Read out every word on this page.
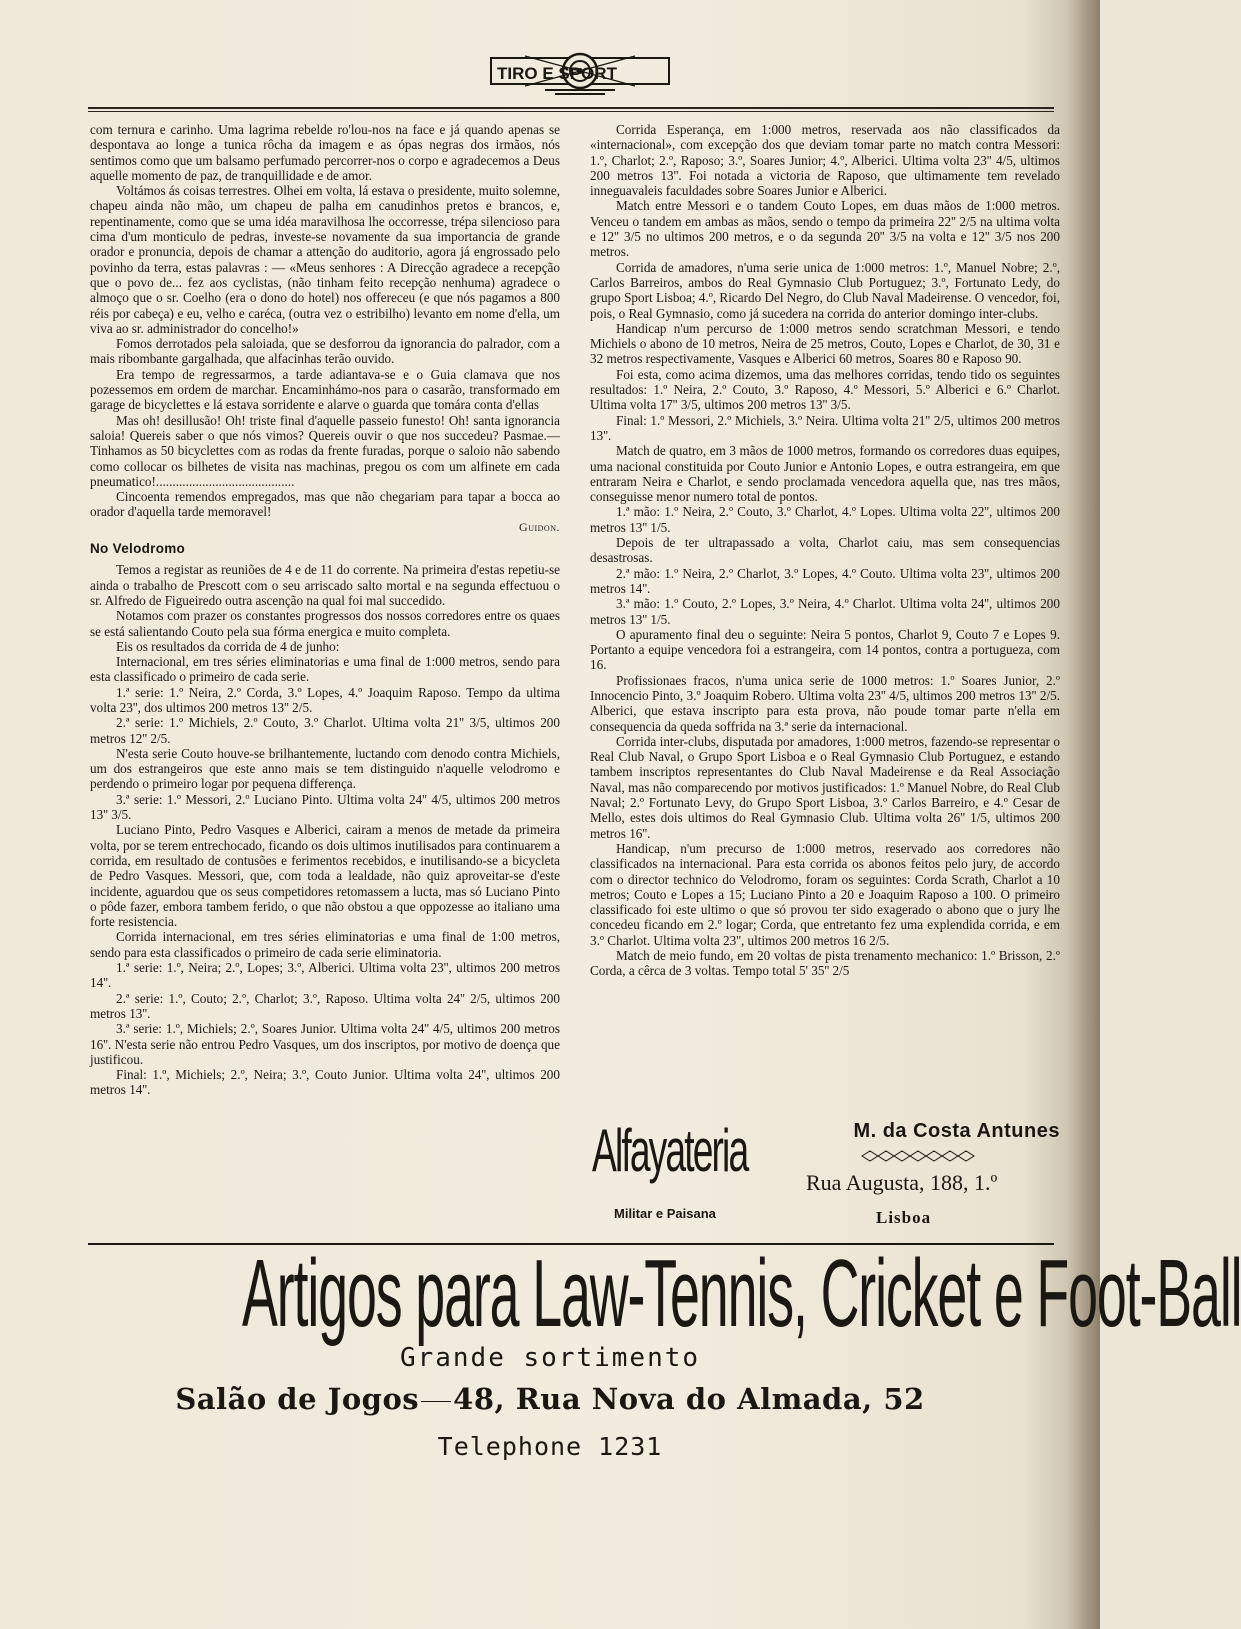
TIRO E SPORT

com ternura e carinho. Uma lagrima rebelde ro'lou-nos na face e já quando apenas se despontava ao longe a tunica rôcha da imagem e as ópas negras dos irmãos, nós sentimos como que um balsamo perfumado percorrer-nos o corpo e agradecemos a Deus aquelle momento de paz, de tranquillidade e de amor.

Voltámos ás coisas terrestres. Olhei em volta, lá estava o presidente, muito solemne, chapeu ainda não mão, um chapeu de palha em canudinhos pretos e brancos, e, repentinamente, como que se uma idéa maravilhosa lhe occorresse, trépa silencioso para cima d'um monticulo de pedras, investe-se novamente da sua importancia de grande orador e pronuncia, depois de chamar a attenção do auditorio, agora já engrossado pelo povinho da terra, estas palavras : — «Meus senhores : A Direcção agradece a recepção que o povo de... fez aos cyclistas, (não tinham feito recepção nenhuma) agradece o almoço que o sr. Coelho (era o dono do hotel) nos offereceu (e que nós pagamos a 800 réis por cabeça) e eu, velho e caréca, (outra vez o estribilho) levanto em nome d'ella, um viva ao sr. administrador do concelho!»

Fomos derrotados pela saloiada, que se desforrou da ignorancia do palrador, com a mais ribombante gargalhada, que alfacinhas terão ouvido.

Era tempo de regressarmos, a tarde adiantava-se e o Guia clamava que nos pozessemos em ordem de marchar. Encaminhámo-nos para o casarão, transformado em garage de bicyclettes e lá estava sorridente e alarve o guarda que tomára conta d'ellas

Mas oh! desillusão! Oh! triste final d'aquelle passeio funesto! Oh! santa ignorancia saloia! Quereis saber o que nós vimos? Quereis ouvir o que nos succedeu? Pasmae.—Tinhamos as 50 bicyclettes com as rodas da frente furadas, porque o saloio não sabendo como collocar os bilhetes de visita nas machinas, pregou os com um alfinete em cada pneumatico!..........................................

Cincoenta remendos empregados, mas que não chegariam para tapar a bocca ao orador d'aquella tarde memoravel!

Guidon.

No Velodromo

Temos a registar as reuniões de 4 e de 11 do corrente. Na primeira d'estas repetiu-se ainda o trabalho de Prescott com o seu arriscado salto mortal e na segunda effectuou o sr. Alfredo de Figueiredo outra ascenção na qual foi mal succedido.

Notamos com prazer os constantes progressos dos nossos corredores entre os quaes se está salientando Couto pela sua fórma energica e muito completa.

Eis os resultados da corrida de 4 de junho:

Internacional, em tres séries eliminatorias e uma final de 1:000 metros, sendo para esta classificado o primeiro de cada serie.

1.ª serie: 1.º Neira, 2.º Corda, 3.º Lopes, 4.º Joaquim Raposo. Tempo da ultima volta 23'', dos ultimos 200 metros 13'' 2/5.

2.ª serie: 1.º Michiels, 2.º Couto, 3.º Charlot. Ultima volta 21'' 3/5, ultimos 200 metros 12'' 2/5.

N'esta serie Couto houve-se brilhantemente, luctando com denodo contra Michiels, um dos estrangeiros que este anno mais se tem distinguido n'aquelle velodromo e perdendo o primeiro logar por pequena differença.

3.ª serie: 1.º Messori, 2.º Luciano Pinto. Ultima volta 24'' 4/5, ultimos 200 metros 13'' 3/5.

Luciano Pinto, Pedro Vasques e Alberici, cairam a menos de metade da primeira volta, por se terem entrechocado, ficando os dois ultimos inutilisados para continuarem a corrida, em resultado de contusões e ferimentos recebidos, e inutilisando-se a bicycleta de Pedro Vasques. Messori, que, com toda a lealdade, não quiz aproveitar-se d'este incidente, aguardou que os seus competidores retomassem a lucta, mas só Luciano Pinto o pôde fazer, embora tambem ferido, o que não obstou a que oppozesse ao italiano uma forte resistencia.

Corrida internacional, em tres séries eliminatorias e uma final de 1:00 metros, sendo para esta classificados o primeiro de cada serie eliminatoria.

1.ª serie: 1.º, Neira; 2.º, Lopes; 3.º, Alberici. Ultima volta 23'', ultimos 200 metros 14''.

2.ª serie: 1.º, Couto; 2.º, Charlot; 3.º, Raposo. Ultima volta 24'' 2/5, ultimos 200 metros 13''.

3.ª serie: 1.º, Michiels; 2.º, Soares Junior. Ultima volta 24'' 4/5, ultimos 200 metros 16''. N'esta serie não entrou Pedro Vasques, um dos inscriptos, por motivo de doença que justificou.

Final: 1.º, Michiels; 2.º, Neira; 3.º, Couto Junior. Ultima volta 24'', ultimos 200 metros 14''.

Corrida Esperança, em 1:000 metros, reservada aos não classificados da «internacional», com excepção dos que deviam tomar parte no match contra Messori: 1.º, Charlot; 2.º, Raposo; 3.º, Soares Junior; 4.º, Alberici. Ultima volta 23'' 4/5, ultimos 200 metros 13''. Foi notada a victoria de Raposo, que ultimamente tem revelado inneguavaleis faculdades sobre Soares Junior e Alberici.

Match entre Messori e o tandem Couto Lopes, em duas mãos de 1:000 metros. Venceu o tandem em ambas as mãos, sendo o tempo da primeira 22'' 2/5 na ultima volta e 12'' 3/5 no ultimos 200 metros, e o da segunda 20'' 3/5 na volta e 12'' 3/5 nos 200 metros.

Corrida de amadores, n'uma serie unica de 1:000 metros: 1.º, Manuel Nobre; 2.º, Carlos Barreiros, ambos do Real Gymnasio Club Portuguez; 3.º, Fortunato Ledy, do grupo Sport Lisboa; 4.º, Ricardo Del Negro, do Club Naval Madeirense. O vencedor, foi, pois, o Real Gymnasio, como já sucedera na corrida do anterior domingo inter-clubs.

Handicap n'um percurso de 1:000 metros sendo scratchman Messori, e tendo Michiels o abono de 10 metros, Neira de 25 metros, Couto, Lopes e Charlot, de 30, 31 e 32 metros respectivamente, Vasques e Alberici 60 metros, Soares 80 e Raposo 90.

Foi esta, como acima dizemos, uma das melhores corridas, tendo tido os seguintes resultados: 1.º Neira, 2.º Couto, 3.º Raposo, 4.º Messori, 5.º Alberici e 6.º Charlot. Ultima volta 17'' 3/5, ultimos 200 metros 13'' 3/5.

Final: 1.º Messori, 2.º Michiels, 3.º Neira. Ultima volta 21'' 2/5, ultimos 200 metros 13''.

Match de quatro, em 3 mãos de 1000 metros, formando os corredores duas equipes, uma nacional constituida por Couto Junior e Antonio Lopes, e outra estrangeira, em que entraram Neira e Charlot, e sendo proclamada vencedora aquella que, nas tres mãos, conseguisse menor numero total de pontos.

1.ª mão: 1.º Neira, 2.º Couto, 3.º Charlot, 4.º Lopes. Ultima volta 22'', ultimos 200 metros 13'' 1/5.

Depois de ter ultrapassado a volta, Charlot caiu, mas sem consequencias desastrosas.

2.ª mão: 1.º Neira, 2.º Charlot, 3.º Lopes, 4.º Couto. Ultima volta 23'', ultimos 200 metros 14''.

3.ª mão: 1.º Couto, 2.º Lopes, 3.º Neira, 4.º Charlot. Ultima volta 24'', ultimos 200 metros 13'' 1/5.

O apuramento final deu o seguinte: Neira 5 pontos, Charlot 9, Couto 7 e Lopes 9. Portanto a equipe vencedora foi a estrangeira, com 14 pontos, contra a portugueza, com 16.

Profissionaes fracos, n'uma unica serie de 1000 metros: 1.º Soares Junior, 2.º Innocencio Pinto, 3.º Joaquim Robero. Ultima volta 23'' 4/5, ultimos 200 metros 13'' 2/5. Alberici, que estava inscripto para esta prova, não poude tomar parte n'ella em consequencia da queda soffrida na 3.ª serie da internacional.

Corrida inter-clubs, disputada por amadores, 1:000 metros, fazendo-se representar o Real Club Naval, o Grupo Sport Lisboa e o Real Gymnasio Club Portuguez, e estando tambem inscriptos representantes do Club Naval Madeirense e da Real Associação Naval, mas não comparecendo por motivos justificados: 1.º Manuel Nobre, do Real Club Naval; 2.º Fortunato Levy, do Grupo Sport Lisboa, 3.º Carlos Barreiro, e 4.º Cesar de Mello, estes dois ultimos do Real Gymnasio Club. Ultima volta 26'' 1/5, ultimos 200 metros 16''.

Handicap, n'um precurso de 1:000 metros, reservado aos corredores não classificados na internacional. Para esta corrida os abonos feitos pelo jury, de accordo com o director technico do Velodromo, foram os seguintes: Corda Scrath, Charlot a 10 metros; Couto e Lopes a 15; Luciano Pinto a 20 e Joaquim Raposo a 100. O primeiro classificado foi este ultimo o que só provou ter sido exagerado o abono que o jury lhe concedeu ficando em 2.º logar; Corda, que entretanto fez uma explendida corrida, e em 3.º Charlot. Ultima volta 23'', ultimos 200 metros 16 2/5.

Match de meio fundo, em 20 voltas de pista trenamento mechanico: 1.º Brisson, 2.º Corda, a cêrca de 3 voltas. Tempo total 5' 35'' 2/5

Alfayateria
Militar e Paisana
M. da Costa Antunes
Rua Augusta, 188, 1.º
Lisboa
Artigos para Law-Tennis, Cricket e Foot-Ball
Grande sortimento
Salão de Jogos 48, Rua Nova do Almada, 52
Telephone 1231
